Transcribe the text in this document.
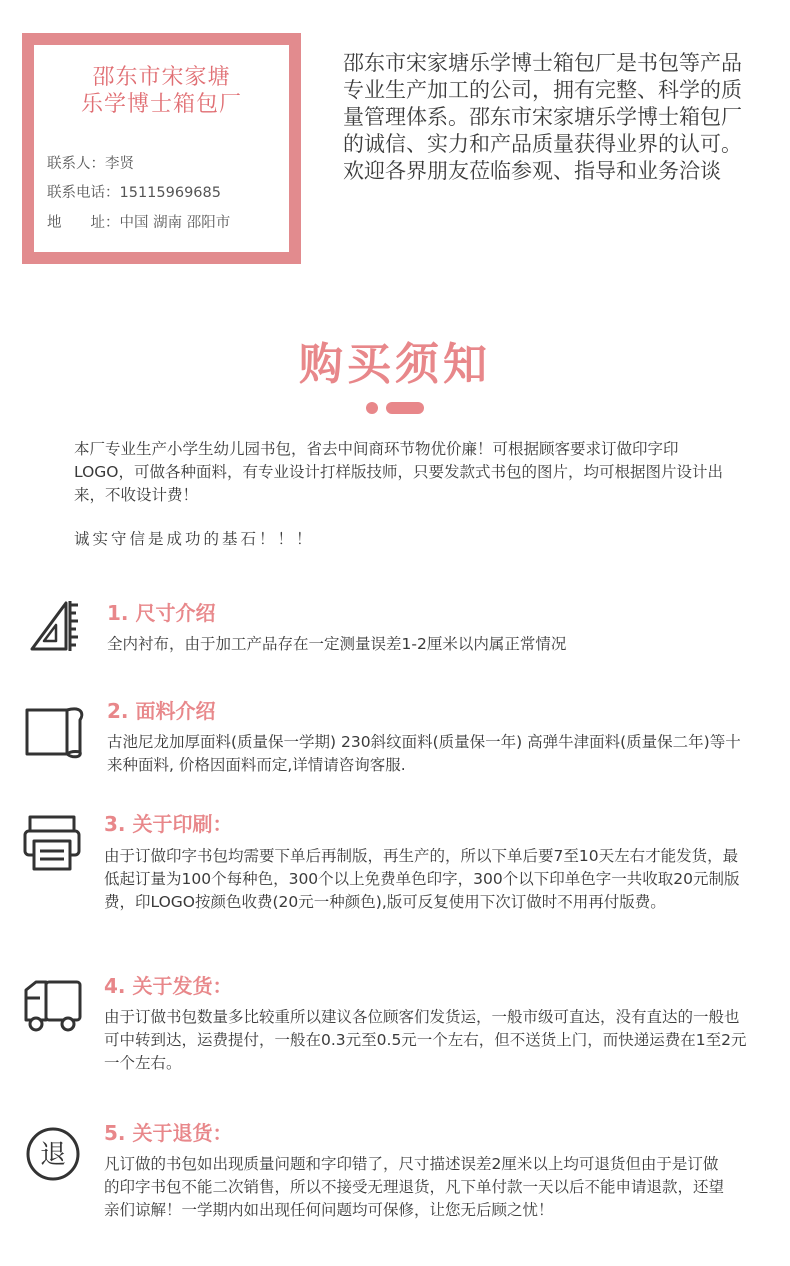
邵东市宋家塘
乐学博士箱包厂
联系人：李贤
联系电话：15115969685
地　　址：中国 湖南 邵阳市
邵东市宋家塘乐学博士箱包厂是书包等产品专业生产加工的公司，拥有完整、科学的质量管理体系。邵东市宋家塘乐学博士箱包厂的诚信、实力和产品质量获得业界的认可。欢迎各界朋友莅临参观、指导和业务洽谈
购买须知
本厂专业生产小学生幼儿园书包，省去中间商环节物优价廉！可根据顾客要求订做印字印LOGO，可做各种面料，有专业设计打样版技师，只要发款式书包的图片，均可根据图片设计出来，不收设计费！
诚实守信是成功的基石！！！
1. 尺寸介绍
全内衬布，由于加工产品存在一定测量误差1-2厘米以内属正常情况
2. 面料介绍
古池尼龙加厚面料(质量保一学期) 230斜纹面料(质量保一年) 高弹牛津面料(质量保二年)等十来种面料, 价格因面料而定,详情请咨询客服.
3. 关于印刷：
由于订做印字书包均需要下单后再制版，再生产的，所以下单后要7至10天左右才能发货，最低起订量为100个每种色，300个以上免费单色印字，300个以下印单色字一共收取20元制版费，印LOGO按颜色收费(20元一种颜色),版可反复使用下次订做时不用再付版费。
4. 关于发货：
由于订做书包数量多比较重所以建议各位顾客们发货运，一般市级可直达，没有直达的一般也可中转到达，运费提付，一般在0.3元至0.5元一个左右，但不送货上门，而快递运费在1至2元一个左右。
退
5. 关于退货：
凡订做的书包如出现质量问题和字印错了，尺寸描述误差2厘米以上均可退货但由于是订做的印字书包不能二次销售，所以不接受无理退货，凡下单付款一天以后不能申请退款，还望亲们谅解！一学期内如出现任何问题均可保修，让您无后顾之忧！
